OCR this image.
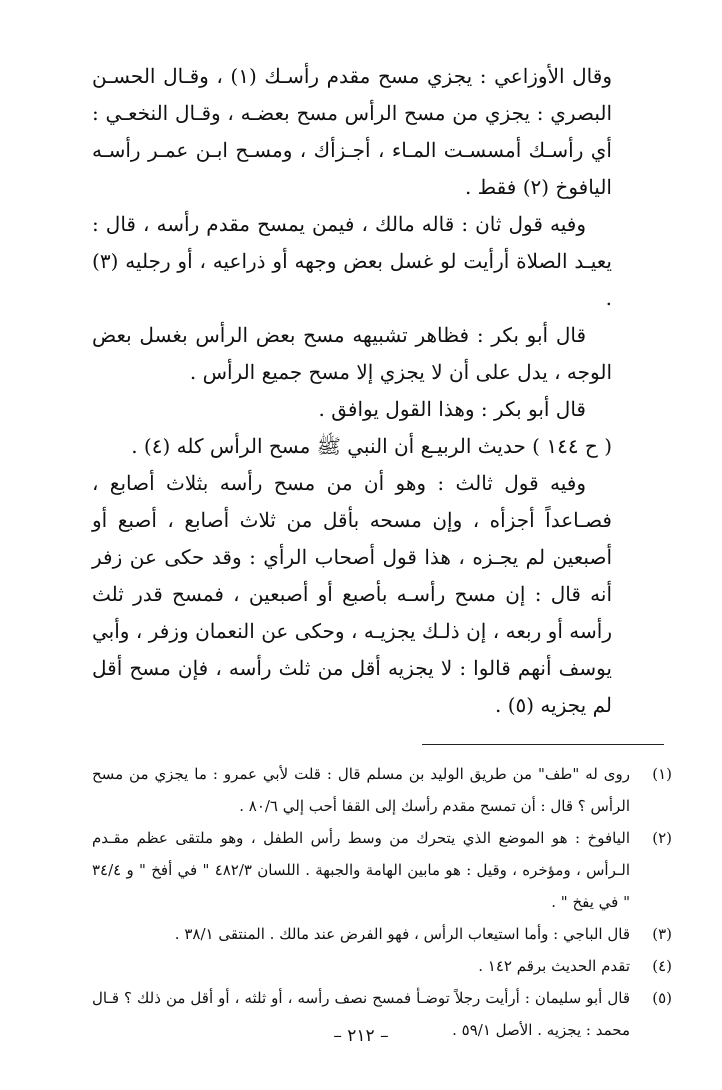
وقال الأوزاعي : يجزي مسح مقدم رأسـك (١) ، وقـال الحسـن البصري : يجزي من مسح الرأس مسح بعضـه ، وقـال النخعـي : أي رأسـك أمسسـت المـاء ، أجـزأك ، ومسـح ابـن عمـر رأسـه اليافوخ (٢) فقط .

وفيه قول ثان : قاله مالك ، فيمن يمسح مقدم رأسه ، قال : يعيـد الصلاة أرأيت لو غسل بعض وجهه أو ذراعيه ، أو رجليه (٣) .

قال أبو بكر : فظاهر تشبيهه مسح بعض الرأس بغسل بعض الوجه ، يدل على أن لا يجزي إلا مسح جميع الرأس .

قال أبو بكر : وهذا القول يوافق .

( ح ١٤٤ ) حديث الربيـع أن النبي ﷺ مسح الرأس كله (٤) .

وفيه قول ثالث : وهو أن من مسح رأسه بثلاث أصابع ، فصـاعداً أجزأه ، وإن مسحه بأقل من ثلاث أصابع ، أصبع أو أصبعين لم يجـزه ، هذا قول أصحاب الرأي : وقد حكى عن زفر أنه قال : إن مسح رأسـه بأصبع أو أصبعين ، فمسح قدر ثلث رأسه أو ربعه ، إن ذلـك يجزيـه ، وحكى عن النعمان وزفر ، وأبي يوسف أنهم قالوا : لا يجزيه أقل من ثلث رأسه ، فإن مسح أقل لم يجزيه (٥) .

(١)
روى له "طف" من طريق الوليد بن مسلم قال : قلت لأبي عمرو : ما يجزي من مسح الرأس ؟ قال : أن تمسح مقدم رأسك إلى القفا أحب إلي ٨٠/٦ .
(٢)
اليافوخ : هو الموضع الذي يتحرك من وسط رأس الطفل ، وهو ملتقى عظم مقـدم الـرأس ، ومؤخره ، وقيل : هو مابين الهامة والجبهة . اللسان ٤٨٢/٣ " في أفخ " و ٣٤/٤ " في يفخ " .
(٣)
قال الباجي : وأما استيعاب الرأس ، فهو الفرض عند مالك . المنتقى ٣٨/١ .
(٤)
تقدم الحديث برقم ١٤٢ .
(٥)
قال أبو سليمان : أرأيت رجلاً توضـأ فمسح نصف رأسه ، أو ثلثه ، أو أقل من ذلك ؟ قـال محمد : يجزيه . الأصل ٥٩/١ .
– ٢١٢ –
